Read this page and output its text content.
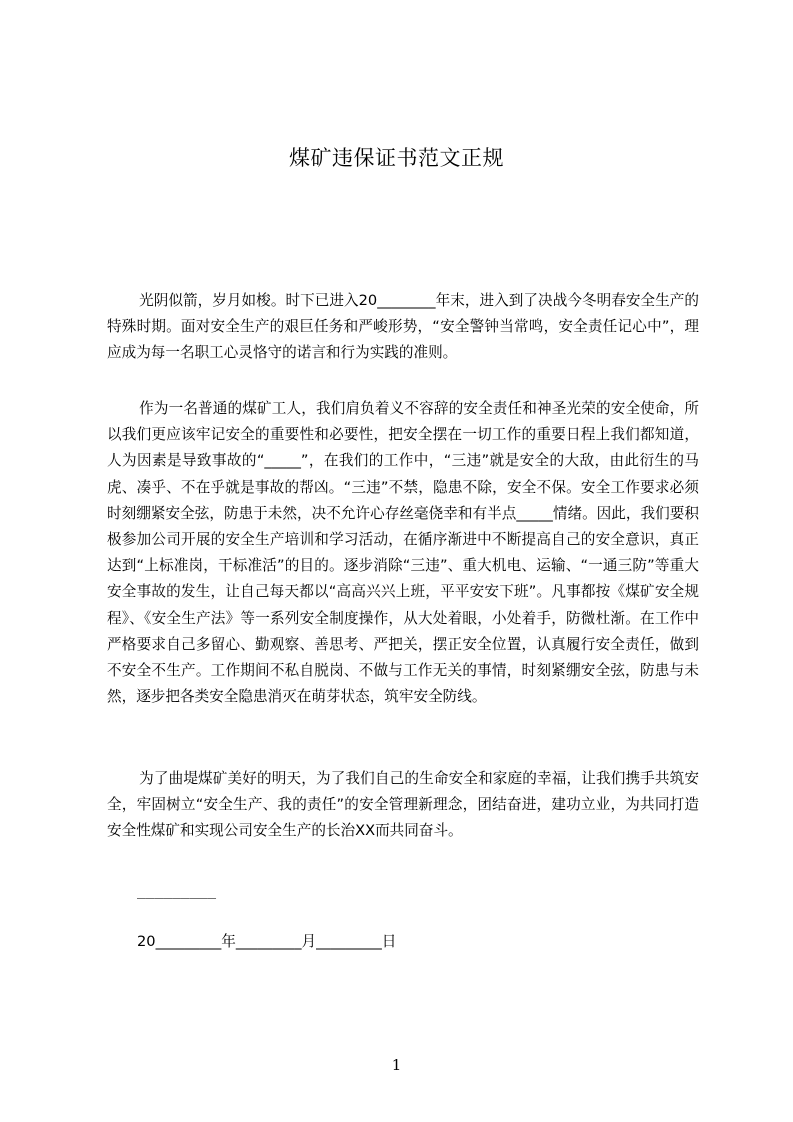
煤矿违保证书范文正规

光阴似箭，岁月如梭。时下已进入20________年末，进入到了决战今冬明春安全生产的特殊时期。面对安全生产的艰巨任务和严峻形势，“安全警钟当常鸣，安全责任记心中”，理应成为每一名职工心灵恪守的诺言和行为实践的准则。

作为一名普通的煤矿工人，我们肩负着义不容辞的安全责任和神圣光荣的安全使命，所以我们更应该牢记安全的重要性和必要性，把安全摆在一切工作的重要日程上我们都知道，人为因素是导致事故的“_____”，在我们的工作中，“三违”就是安全的大敌，由此衍生的马虎、凑乎、不在乎就是事故的帮凶。“三违”不禁，隐患不除，安全不保。安全工作要求必须时刻绷紧安全弦，防患于未然，决不允许心存丝毫侥幸和有半点_____情绪。因此，我们要积极参加公司开展的安全生产培训和学习活动，在循序渐进中不断提高自己的安全意识，真正达到“上标准岗，干标准活”的目的。逐步消除“三违”、重大机电、运输、“一通三防”等重大安全事故的发生，让自己每天都以“高高兴兴上班，平平安安下班”。凡事都按《煤矿安全规程》、《安全生产法》等一系列安全制度操作，从大处着眼，小处着手，防微杜渐。在工作中严格要求自己多留心、勤观察、善思考、严把关，摆正安全位置，认真履行安全责任，做到不安全不生产。工作期间不私自脱岗、不做与工作无关的事情，时刻紧绷安全弦，防患与未然，逐步把各类安全隐患消灭在萌芽状态，筑牢安全防线。

为了曲堤煤矿美好的明天，为了我们自己的生命安全和家庭的幸福，让我们携手共筑安全，牢固树立“安全生产、我的责任”的安全管理新理念，团结奋进，建功立业，为共同打造安全性煤矿和实现公司安全生产的长治XX而共同奋斗。

_________
20_________年_________月_________日
1
